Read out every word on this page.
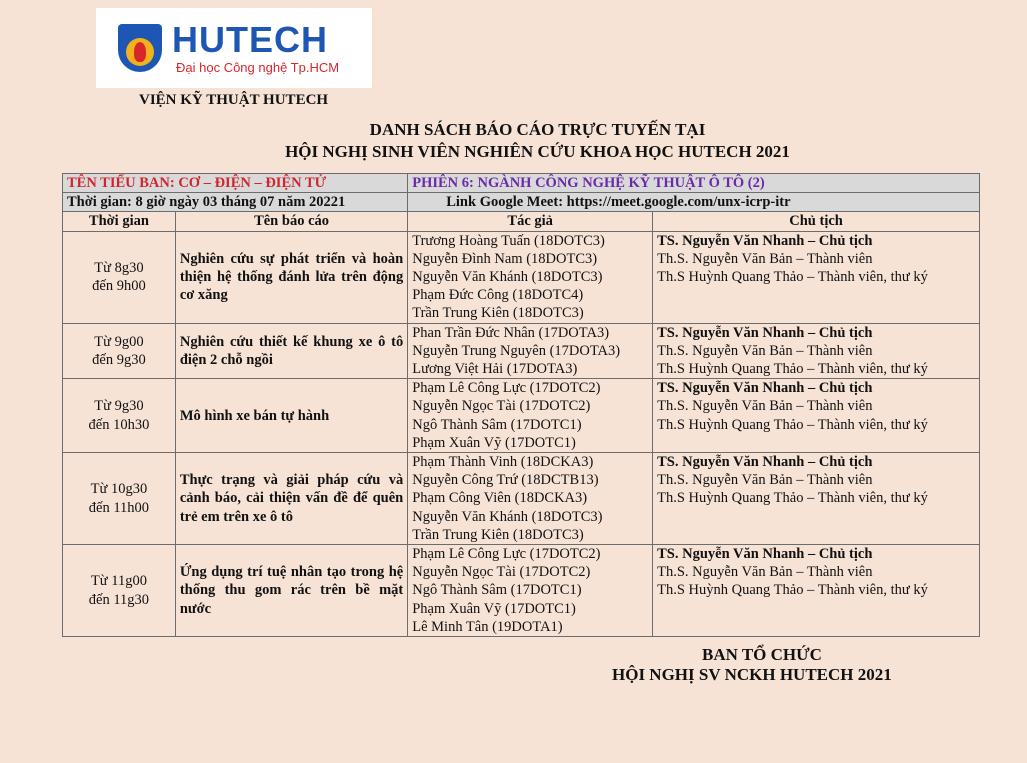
HUTECH
Đại học Công nghệ Tp.HCM
VIỆN KỸ THUẬT HUTECH
DANH SÁCH BÁO CÁO TRỰC TUYẾN TẠI
HỘI NGHỊ SINH VIÊN NGHIÊN CỨU KHOA HỌC HUTECH 2021
TÊN TIỂU BAN: CƠ – ĐIỆN – ĐIỆN TỬ		PHIÊN 6: NGÀNH CÔNG NGHỆ KỸ THUẬT Ô TÔ (2)	
Thời gian: 8 giờ ngày 03 tháng 07 năm 20221		Link Google Meet: https://meet.google.com/unx-icrp-itr	
Thời gian	Tên báo cáo	Tác giả	Chủ tịch

Từ 8g30
đến 9h00	Nghiên cứu sự phát triển và hoàn thiện hệ thống đánh lửa trên động cơ xăng	Trương Hoàng Tuấn (18DOTC3)
Nguyễn Đình Nam (18DOTC3)
Nguyễn Văn Khánh (18DOTC3)
Phạm Đức Công (18DOTC4)
Trần Trung Kiên (18DOTC3)	TS. Nguyễn Văn Nhanh – Chủ tịch
Th.S. Nguyễn Văn Bản – Thành viên
Th.S Huỳnh Quang Thảo – Thành viên, thư ký

Từ 9g00
đến 9g30	Nghiên cứu thiết kế khung xe ô tô điện 2 chỗ ngồi	Phan Trần Đức Nhân (17DOTA3)
Nguyễn Trung Nguyên (17DOTA3)
Lương Việt Hải (17DOTA3)	TS. Nguyễn Văn Nhanh – Chủ tịch
Th.S. Nguyễn Văn Bản – Thành viên
Th.S Huỳnh Quang Thảo – Thành viên, thư ký

Từ 9g30
đến 10h30	Mô hình xe bán tự hành	Phạm Lê Công Lực (17DOTC2)
Nguyễn Ngọc Tài (17DOTC2)
Ngô Thành Sâm (17DOTC1)
Phạm Xuân Vỹ (17DOTC1)	TS. Nguyễn Văn Nhanh – Chủ tịch
Th.S. Nguyễn Văn Bản – Thành viên
Th.S Huỳnh Quang Thảo – Thành viên, thư ký

Từ 10g30
đến 11h00	Thực trạng và giải pháp cứu và cảnh báo, cải thiện vấn đề để quên trẻ em trên xe ô tô	Phạm Thành Vinh (18DCKA3)
Nguyễn Công Trứ (18DCTB13)
Phạm Công Viên (18DCKA3)
Nguyễn Văn Khánh (18DOTC3)
Trần Trung Kiên (18DOTC3)	TS. Nguyễn Văn Nhanh – Chủ tịch
Th.S. Nguyễn Văn Bản – Thành viên
Th.S Huỳnh Quang Thảo – Thành viên, thư ký

Từ 11g00
đến 11g30	Ứng dụng trí tuệ nhân tạo trong hệ thống thu gom rác trên bề mặt nước	Phạm Lê Công Lực (17DOTC2)
Nguyễn Ngọc Tài (17DOTC2)
Ngô Thành Sâm (17DOTC1)
Phạm Xuân Vỹ (17DOTC1)
Lê Minh Tân (19DOTA1)	TS. Nguyễn Văn Nhanh – Chủ tịch
Th.S. Nguyễn Văn Bản – Thành viên
Th.S Huỳnh Quang Thảo – Thành viên, thư ký
BAN TỔ CHỨC
HỘI NGHỊ SV NCKH HUTECH 2021
